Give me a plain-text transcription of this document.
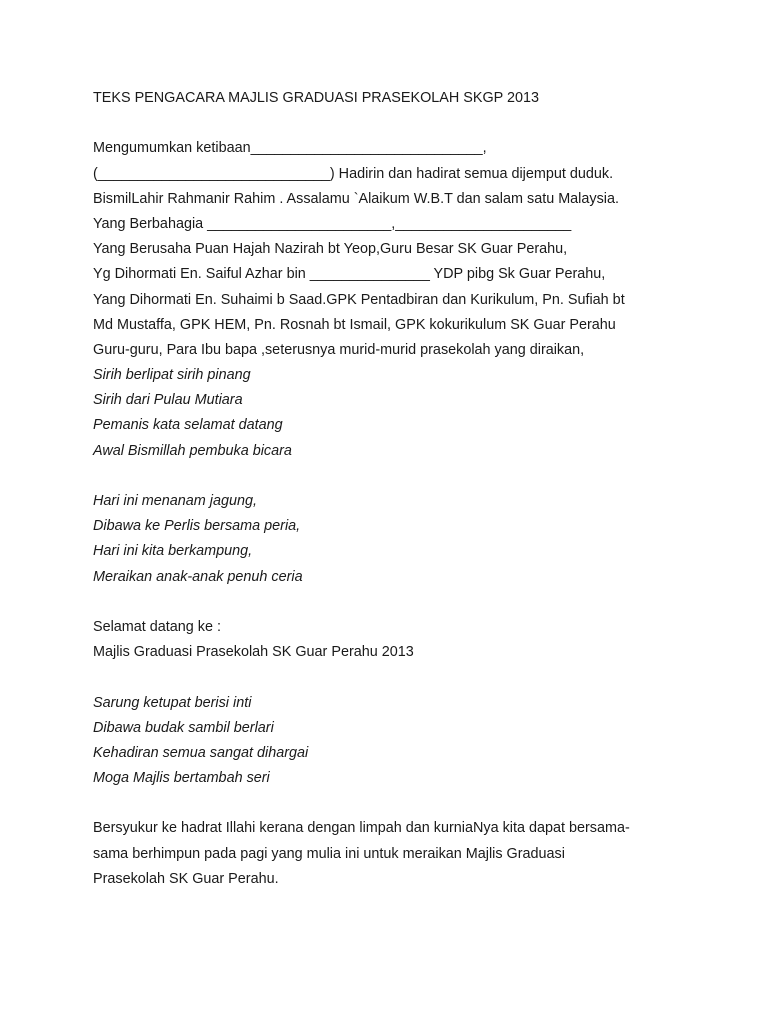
TEKS PENGACARA MAJLIS GRADUASI PRASEKOLAH SKGP 2013
Mengumumkan ketibaan_____________________________,
(_____________________________) Hadirin dan hadirat semua dijemput duduk.
BismilLahir Rahmanir Rahim . Assalamu `Alaikum W.B.T dan salam satu Malaysia.
Yang Berbahagia _______________________,______________________
Yang Berusaha Puan Hajah Nazirah bt Yeop,Guru Besar SK Guar Perahu,
Yg Dihormati En. Saiful Azhar bin _______________ YDP pibg Sk Guar Perahu,
Yang Dihormati En. Suhaimi b Saad.GPK Pentadbiran dan Kurikulum, Pn. Sufiah bt
Md Mustaffa, GPK HEM, Pn. Rosnah bt Ismail, GPK kokurikulum SK Guar Perahu
Guru-guru, Para Ibu bapa ,seterusnya murid-murid prasekolah yang diraikan,
Sirih berlipat sirih pinang
Sirih dari Pulau Mutiara
Pemanis kata selamat datang
Awal Bismillah pembuka bicara
Hari ini menanam jagung,
Dibawa ke Perlis bersama peria,
Hari ini kita berkampung,
Meraikan anak-anak penuh ceria
Selamat datang ke :
Majlis Graduasi Prasekolah SK Guar Perahu 2013
Sarung ketupat berisi inti
Dibawa budak sambil berlari
Kehadiran semua sangat dihargai
Moga Majlis bertambah seri
Bersyukur ke hadrat Illahi kerana dengan limpah dan kurniaNya kita dapat bersama-
sama berhimpun pada pagi yang mulia ini untuk meraikan Majlis Graduasi
Prasekolah SK Guar Perahu.
